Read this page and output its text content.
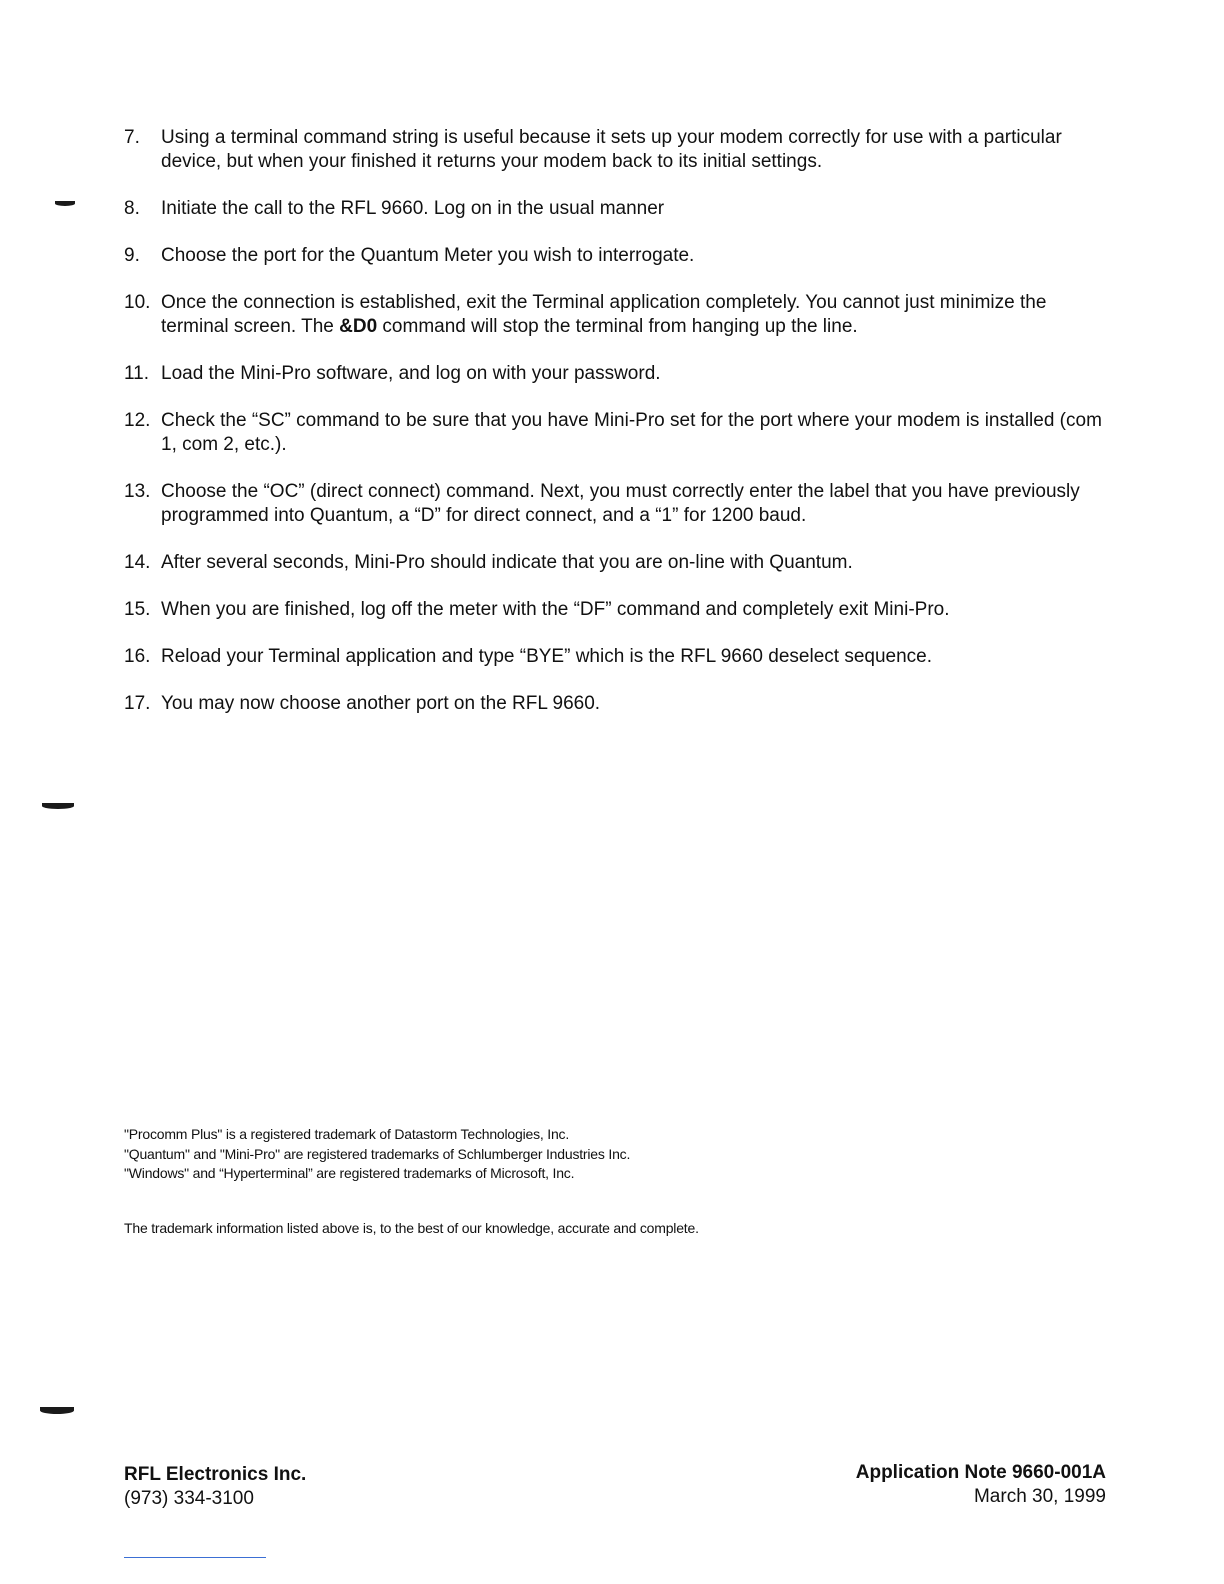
7. Using a terminal command string is useful because it sets up your modem correctly for use with a particular device, but when your finished it returns your modem back to its initial settings.
8. Initiate the call to the RFL 9660. Log on in the usual manner
9. Choose the port for the Quantum Meter you wish to interrogate.
10. Once the connection is established, exit the Terminal application completely. You cannot just minimize the terminal screen. The &D0 command will stop the terminal from hanging up the line.
11. Load the Mini-Pro software, and log on with your password.
12. Check the “SC” command to be sure that you have Mini-Pro set for the port where your modem is installed (com 1, com 2, etc.).
13. Choose the “OC” (direct connect) command. Next, you must correctly enter the label that you have previously programmed into Quantum, a “D” for direct connect, and a “1” for 1200 baud.
14. After several seconds, Mini-Pro should indicate that you are on-line with Quantum.
15. When you are finished, log off the meter with the “DF” command and completely exit Mini-Pro.
16. Reload your Terminal application and type “BYE” which is the RFL 9660 deselect sequence.
17. You may now choose another port on the RFL 9660.
"Procomm Plus" is a registered trademark of Datastorm Technologies, Inc.
"Quantum" and "Mini-Pro" are registered trademarks of Schlumberger Industries Inc.
"Windows" and “Hyperterminal” are registered trademarks of Microsoft, Inc.
The trademark information listed above is, to the best of our knowledge, accurate and complete.
RFL Electronics Inc.
(973) 334-3100
Application Note 9660-001A
March 30, 1999
